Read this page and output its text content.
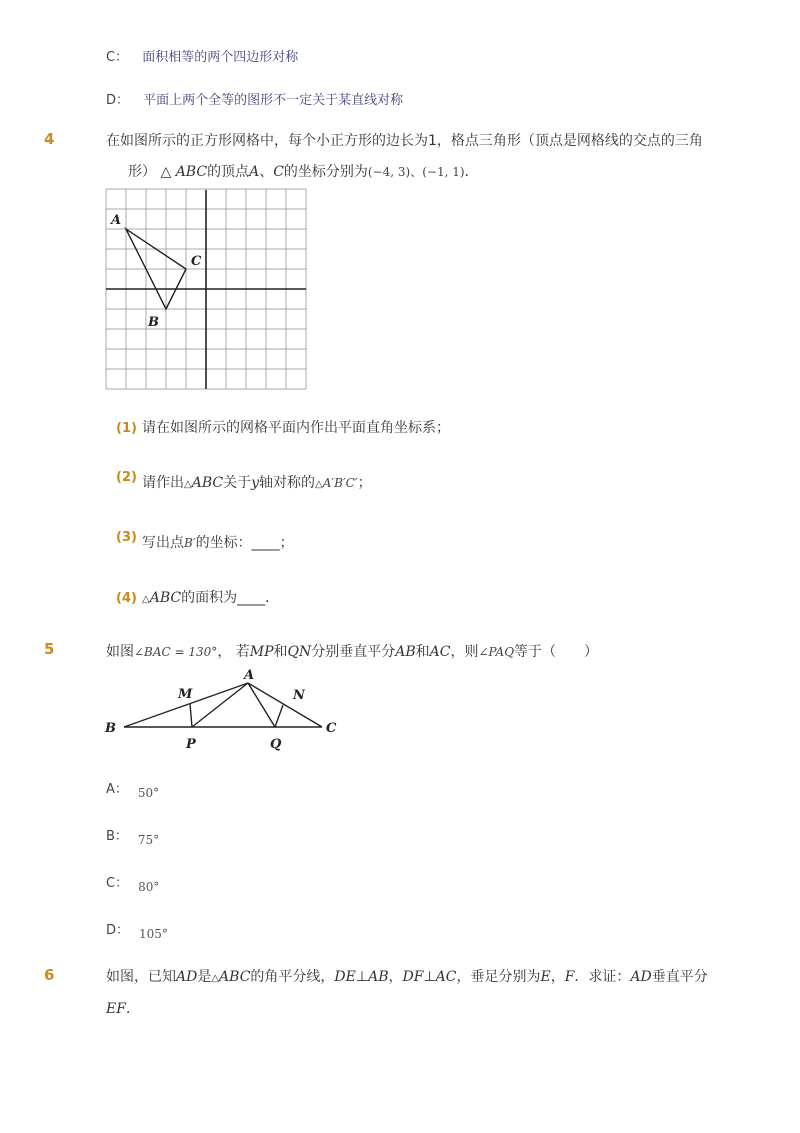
C： 面积相等的两个四边形对称
D： 平面上两个全等的图形不一定关于某直线对称
4	在如图所示的正方形网格中，每个小正方形的边长为1，格点三角形（顶点是网格线的交点的三角
形） △ ABC的顶点A、C的坐标分别为(−4, 3)、(−1, 1)．
A
C
B
(1) 请在如图所示的网格平面内作出平面直角坐标系；
$^{(2)}$ 请作出△ABC关于y轴对称的△A′B′C′；
$^{(3)}$ 写出点B′的坐标：____；
(4) △ABC的面积为____．
5	如图∠BAC = 130°， 若MP和QN分别垂直平分AB和AC，则∠PAQ等于（　　）
B	C
A
M	N
P	Q
A： 50°
B： 75°
C： 80°
D： 105°
6	如图，已知AD是△ABC的角平分线，DE⊥AB，DF⊥AC，垂足分别为E，F．求证：AD垂直平分
EF．
